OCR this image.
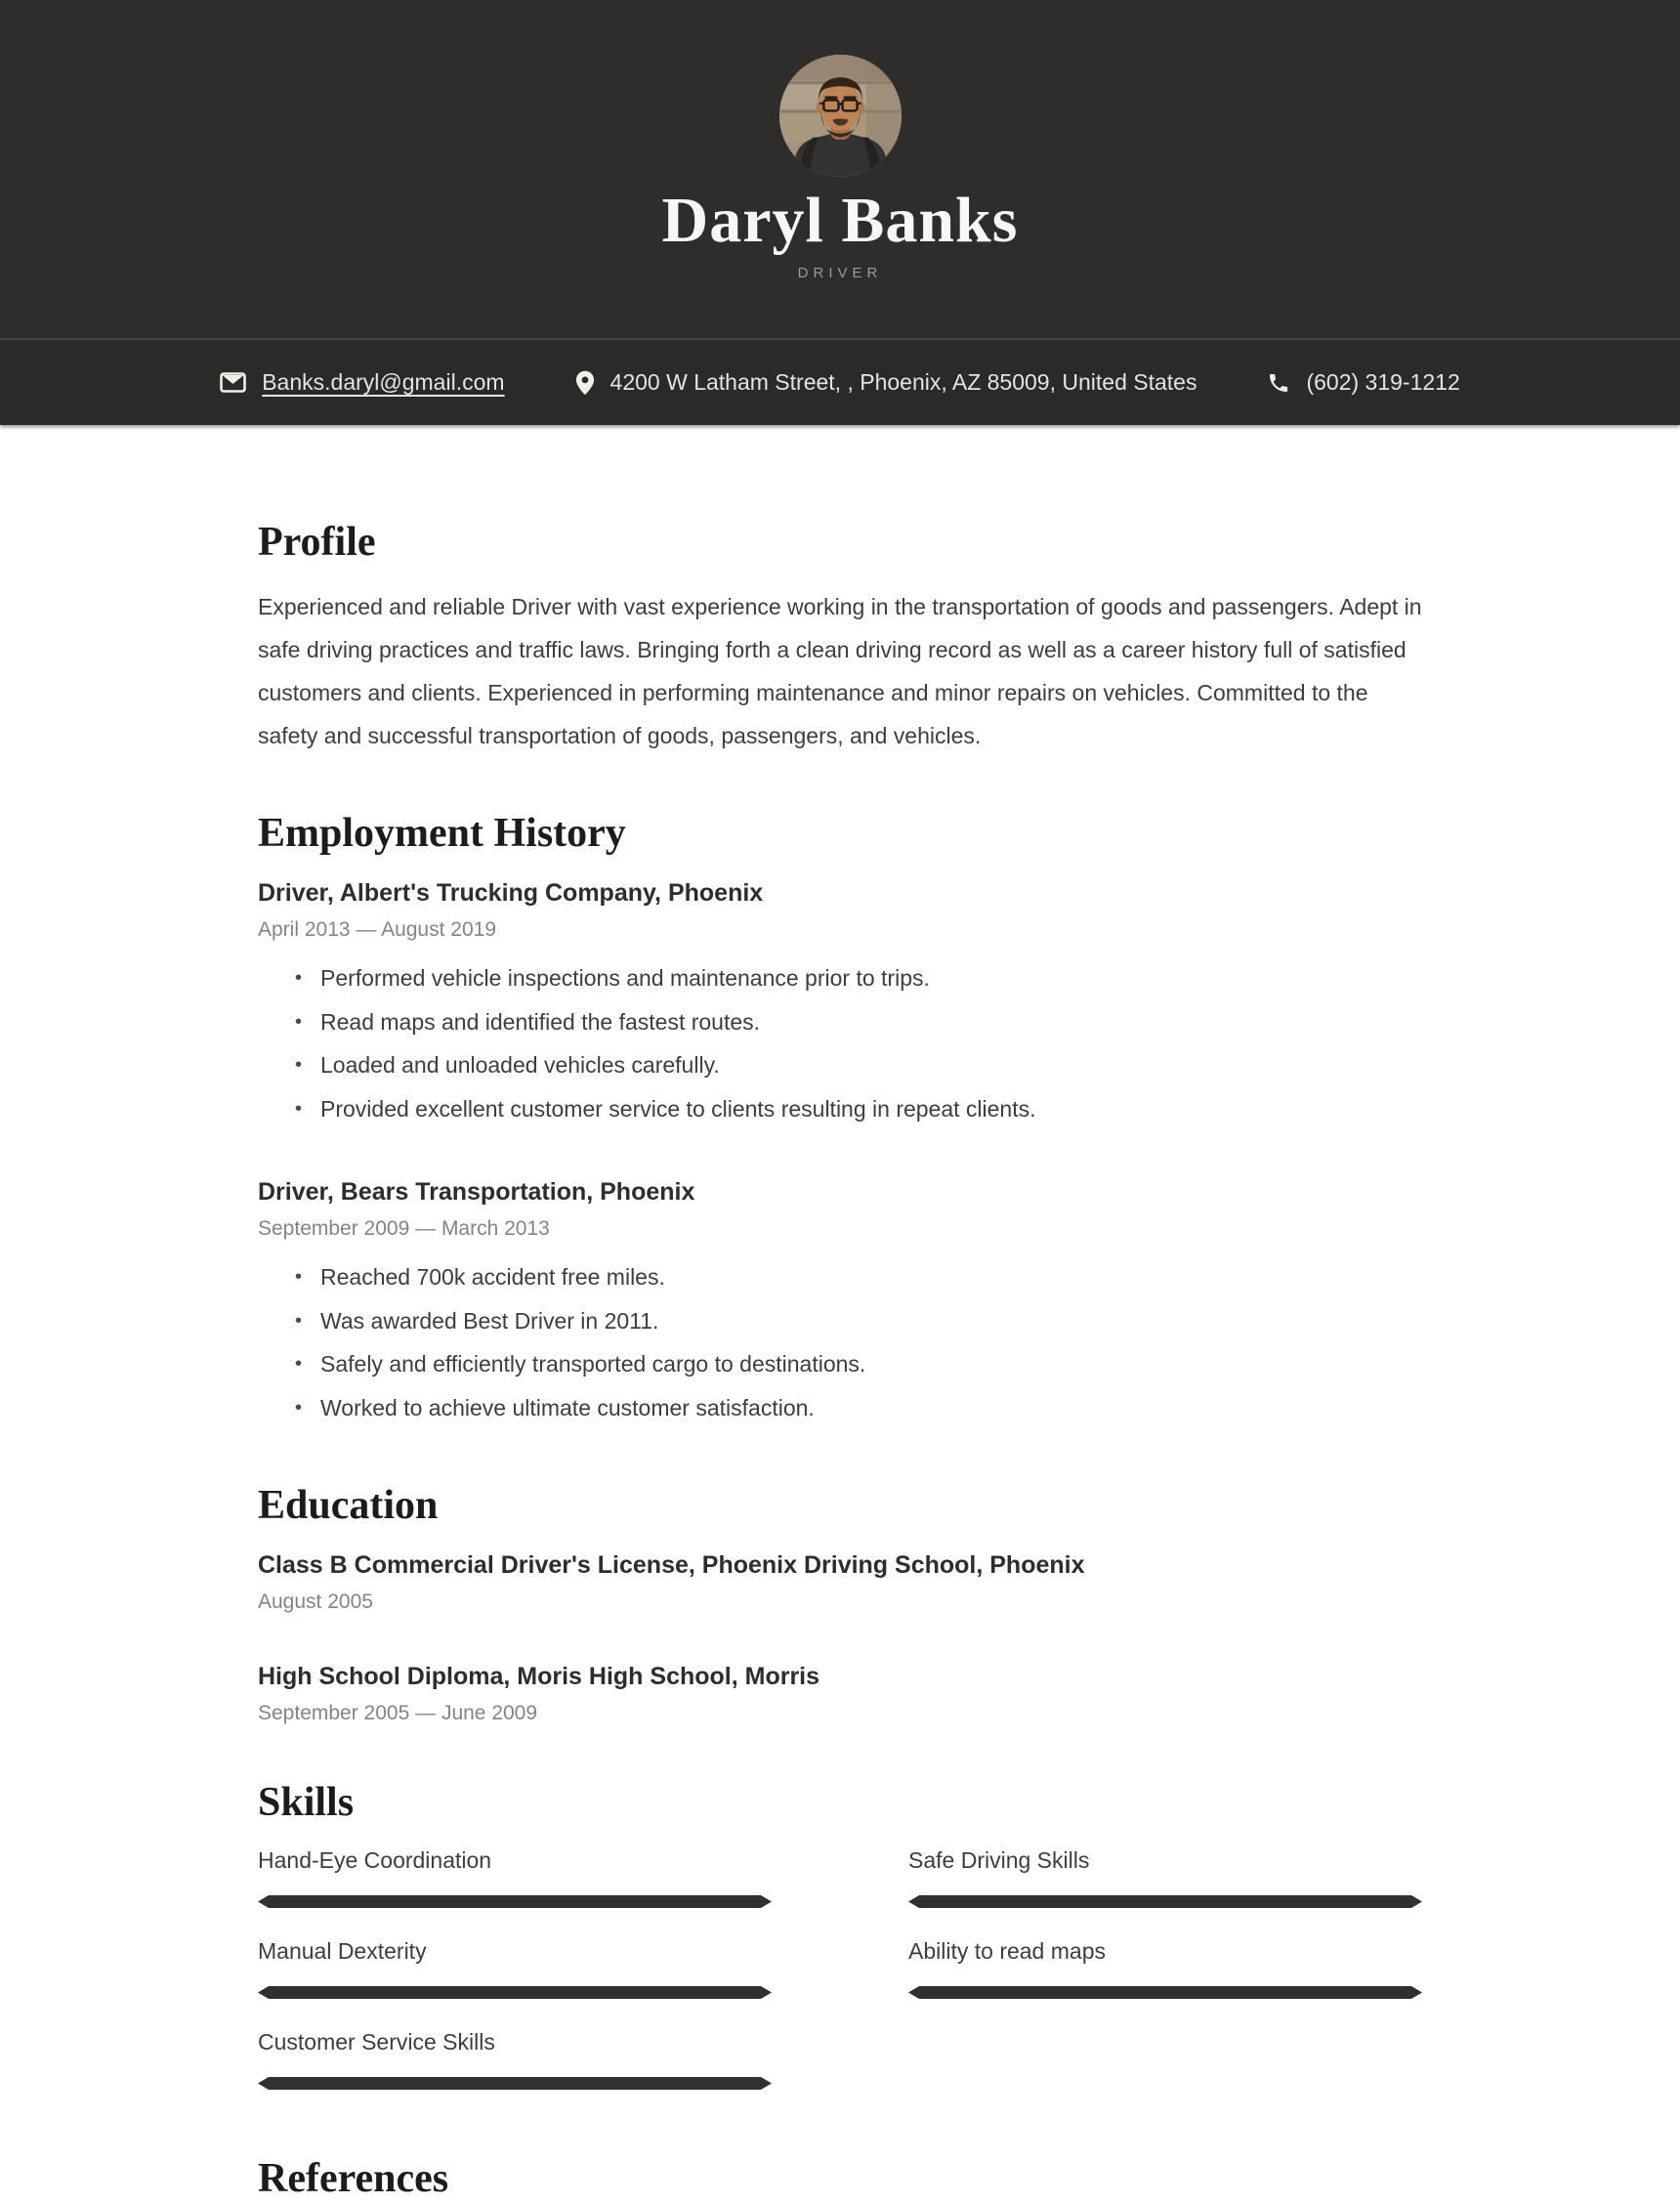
Daryl Banks
DRIVER
Banks.daryl@gmail.com	4200 W Latham Street, , Phoenix, AZ 85009, United States	(602) 319-1212
Profile
Experienced and reliable Driver with vast experience working in the transportation of goods and passengers. Adept in safe driving practices and traffic laws. Bringing forth a clean driving record as well as a career history full of satisfied customers and clients. Experienced in performing maintenance and minor repairs on vehicles. Committed to the safety and successful transportation of goods, passengers, and vehicles.
Employment History
Driver, Albert's Trucking Company, Phoenix
April 2013 — August 2019
• Performed vehicle inspections and maintenance prior to trips.
• Read maps and identified the fastest routes.
• Loaded and unloaded vehicles carefully.
• Provided excellent customer service to clients resulting in repeat clients.
Driver, Bears Transportation, Phoenix
September 2009 — March 2013
• Reached 700k accident free miles.
• Was awarded Best Driver in 2011.
• Safely and efficiently transported cargo to destinations.
• Worked to achieve ultimate customer satisfaction.
Education
Class B Commercial Driver's License, Phoenix Driving School, Phoenix
August 2005
High School Diploma, Moris High School, Morris
September 2005 — June 2009
Skills
Hand-Eye Coordination	Safe Driving Skills
Manual Dexterity	Ability to read maps
Customer Service Skills
References
